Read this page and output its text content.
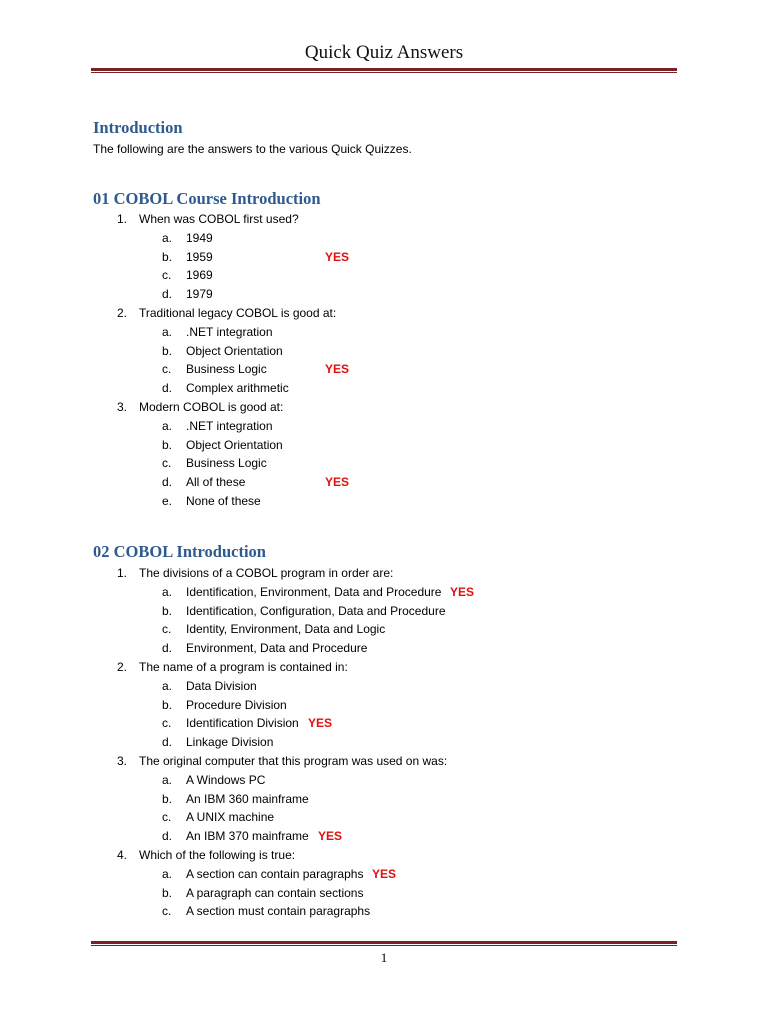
Quick Quiz Answers
Introduction

The following are the answers to the various Quick Quizzes.

01 COBOL Course Introduction
1. When was COBOL first used?
a. 1949
b. 1959	YES
c. 1969
d. 1979
2. Traditional legacy COBOL is good at:
a. .NET integration
b. Object Orientation
c. Business Logic	YES
d. Complex arithmetic
3. Modern COBOL is good at:
a. .NET integration
b. Object Orientation
c. Business Logic
d. All of these	YES
e. None of these
02 COBOL Introduction
1. The divisions of a COBOL program in order are:
a. Identification, Environment, Data and Procedure YES
b. Identification, Configuration, Data and Procedure
c. Identity, Environment, Data and Logic
d. Environment, Data and Procedure
2. The name of a program is contained in:
a. Data Division
b. Procedure Division
c. Identification Division YES
d. Linkage Division
3. The original computer that this program was used on was:
a. A Windows PC
b. An IBM 360 mainframe
c. A UNIX machine
d. An IBM 370 mainframe YES
4. Which of the following is true:
a. A section can contain paragraphs YES
b. A paragraph can contain sections
c. A section must contain paragraphs
1
